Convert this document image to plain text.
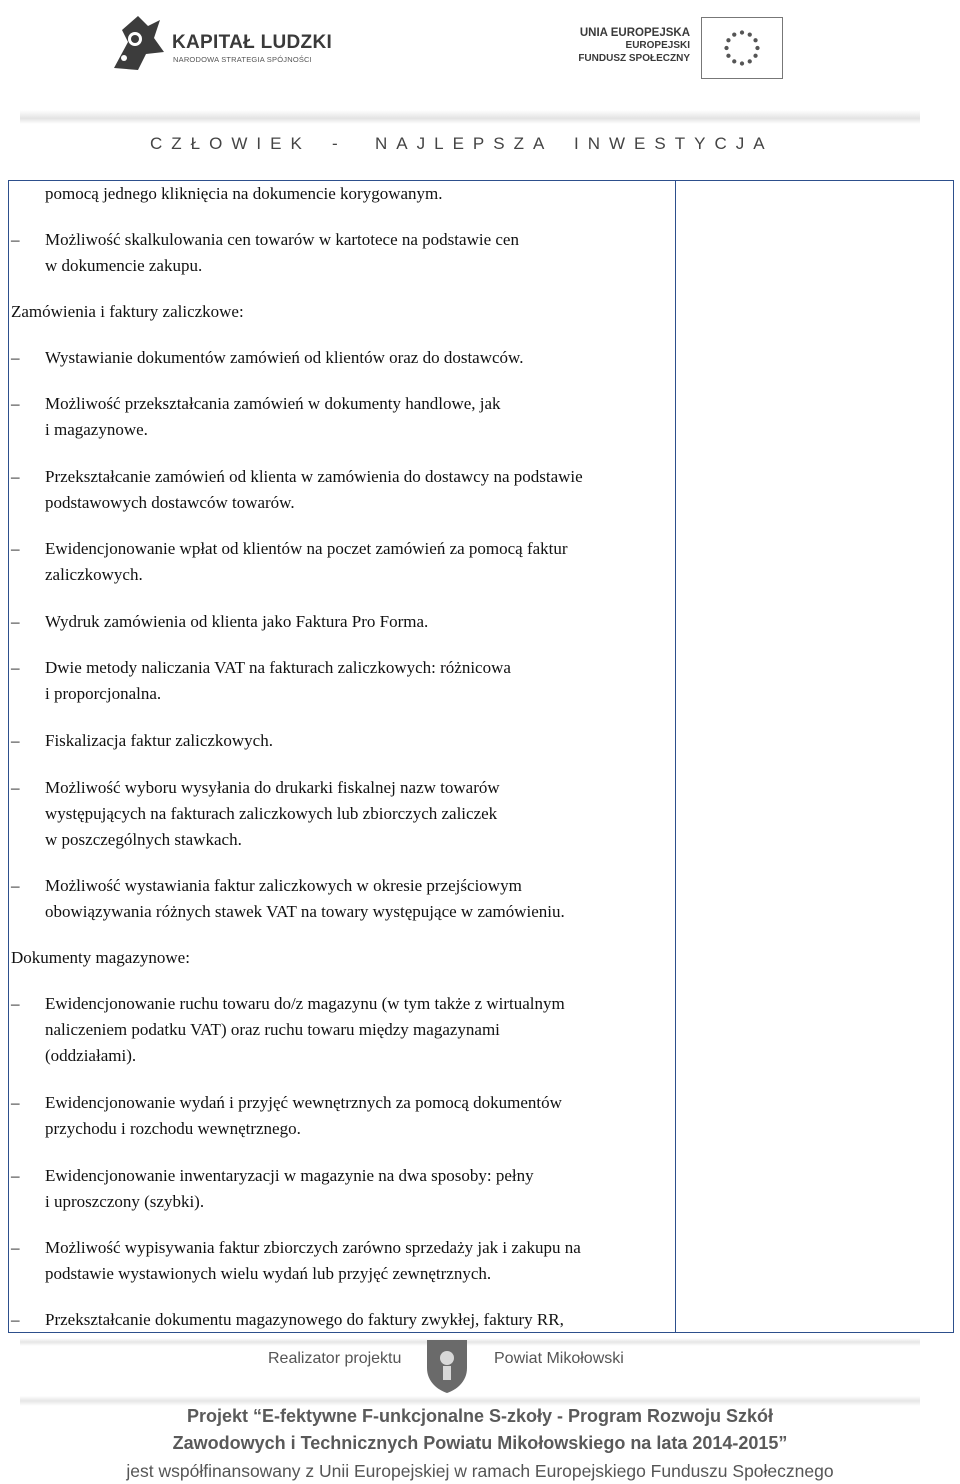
KAPITAŁ LUDZKI
NARODOWA STRATEGIA SPÓJNOŚCI
UNIA EUROPEJSKA
EUROPEJSKI
FUNDUSZ SPOŁECZNY
CZŁOWIEK - NAJLEPSZA INWESTYCJA
pomocą jednego kliknięcia na dokumencie korygowanym.
– Możliwość skalkulowania cen towarów w kartotece na podstawie cen
w dokumencie zakupu.
Zamówienia i faktury zaliczkowe:
– Wystawianie dokumentów zamówień od klientów oraz do dostawców.
– Możliwość przekształcania zamówień w dokumenty handlowe, jak
i magazynowe.
– Przekształcanie zamówień od klienta w zamówienia do dostawcy na podstawie
podstawowych dostawców towarów.
– Ewidencjonowanie wpłat od klientów na poczet zamówień za pomocą faktur
zaliczkowych.
– Wydruk zamówienia od klienta jako Faktura Pro Forma.
– Dwie metody naliczania VAT na fakturach zaliczkowych: różnicowa
i proporcjonalna.
– Fiskalizacja faktur zaliczkowych.
– Możliwość wyboru wysyłania do drukarki fiskalnej nazw towarów
występujących na fakturach zaliczkowych lub zbiorczych zaliczek
w poszczególnych stawkach.
– Możliwość wystawiania faktur zaliczkowych w okresie przejściowym
obowiązywania różnych stawek VAT na towary występujące w zamówieniu.
Dokumenty magazynowe:
– Ewidencjonowanie ruchu towaru do/z magazynu (w tym także z wirtualnym
naliczeniem podatku VAT) oraz ruchu towaru między magazynami
(oddziałami).
– Ewidencjonowanie wydań i przyjęć wewnętrznych za pomocą dokumentów
przychodu i rozchodu wewnętrznego.
– Ewidencjonowanie inwentaryzacji w magazynie na dwa sposoby: pełny
i uproszczony (szybki).
– Możliwość wypisywania faktur zbiorczych zarówno sprzedaży jak i zakupu na
podstawie wystawionych wielu wydań lub przyjęć zewnętrznych.
– Przekształcanie dokumentu magazynowego do faktury zwykłej, faktury RR,
Realizator projektu	Powiat Mikołowski
Projekt “E-fektywne F-unkcjonalne S-zkoły - Program Rozwoju Szkół
Zawodowych i Technicznych Powiatu Mikołowskiego na lata 2014-2015”
jest współfinansowany z Unii Europejskiej w ramach Europejskiego Funduszu Społecznego
